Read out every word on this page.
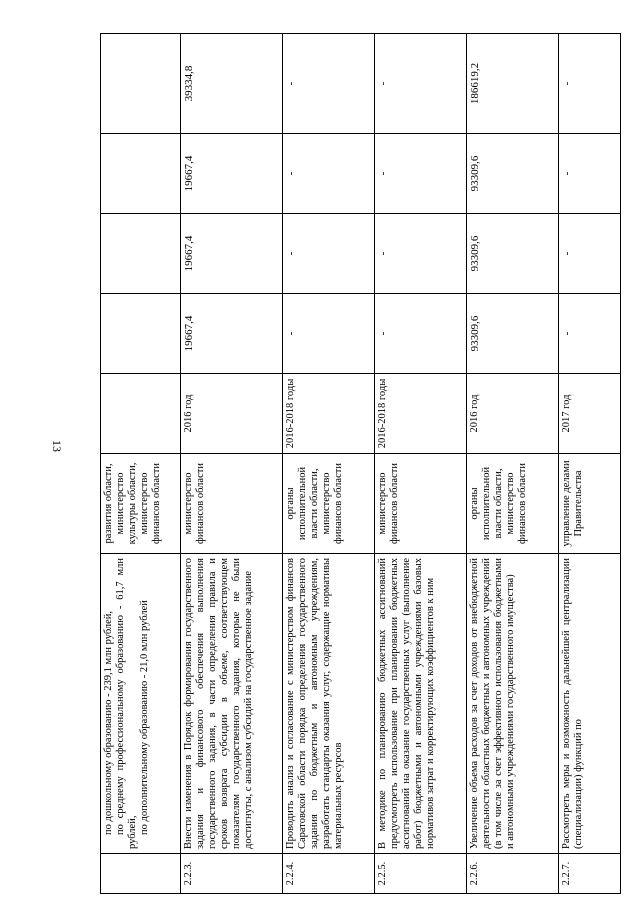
13

	по дошкольному образованию - 239,1 млн рублей, по среднему профессиональному образованию - 61,7 млн рублей, по дополнительному образованию - 21,0 млн рублей	развития области, министерство культуры области, министерство финансов области					
2.2.3.	Внести изменения в Порядок формирования государственного задания и финансового обеспечения выполнения государственного задания, в части определения правила и сроков возврата субсидии в объеме, соответствующем показателям государственного задания, которые не были достигнуты, с анализом субсидий на государственное задание	министерство финансов области	2016 год	19667,4	19667,4	19667,4	39334,8
2.2.4.	Проводить анализ и согласование с министерством финансов Саратовской области порядка определения государственного задания по бюджетным и автономным учреждениям, разработать стандарты оказания услуг, содержащие нормативы материальных ресурсов	органы исполнительной власти области, министерство финансов области	2016-2018 годы	-	-	-	-
2.2.5.	В методике по планированию бюджетных ассигнований предусмотреть использование при планировании бюджетных ассигнований на оказание государственных услуг (выполнение работ) бюджетными и автономными учреждениями базовых нормативов затрат и корректирующих коэффициентов к ним	министерство финансов области	2016-2018 годы	-	-	-	-
2.2.6.	Увеличение объема расходов за счет доходов от внебюджетной деятельности областных бюджетных и автономных учреждений (в том числе за счет эффективного использования бюджетными и автономными учреждениями государственного имущества)	органы исполнительной власти области, министерство финансов области	2016 год	93309,6	93309,6	93309,6	186619,2
2.2.7.	Рассмотреть меры и возможность дальнейшей централизации (специализации) функций по	управление делами Правительства	2017 год	-	-	-	-
